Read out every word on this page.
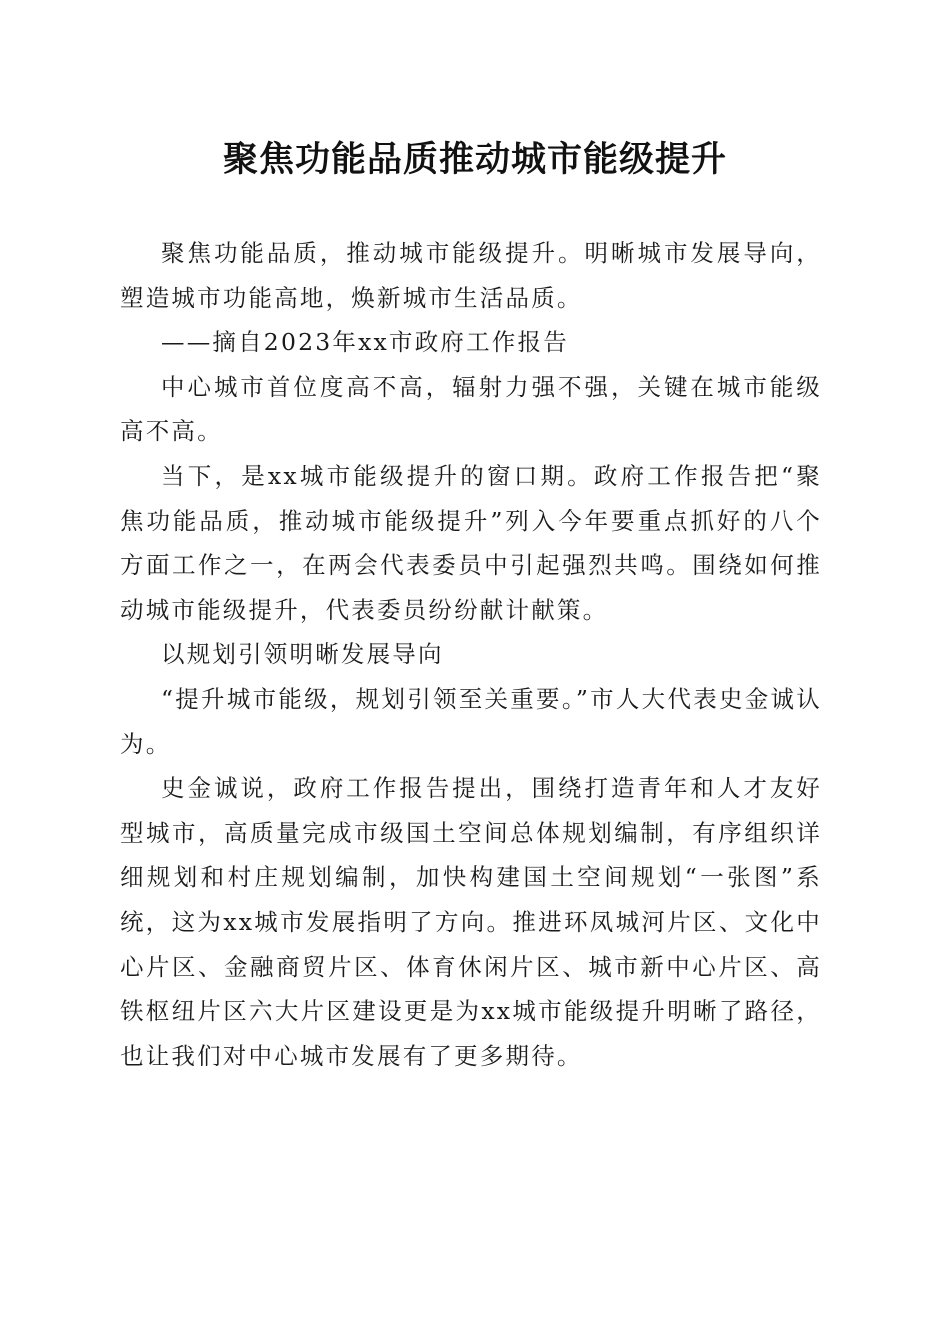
聚焦功能品质推动城市能级提升

聚焦功能品质，推动城市能级提升。明晰城市发展导向，塑造城市功能高地，焕新城市生活品质。

——摘自2023年xx市政府工作报告

中心城市首位度高不高，辐射力强不强，关键在城市能级高不高。

当下，是xx城市能级提升的窗口期。政府工作报告把“聚焦功能品质，推动城市能级提升”列入今年要重点抓好的八个方面工作之一，在两会代表委员中引起强烈共鸣。围绕如何推动城市能级提升，代表委员纷纷献计献策。

以规划引领明晰发展导向

“提升城市能级，规划引领至关重要。”市人大代表史金诚认为。

史金诚说，政府工作报告提出，围绕打造青年和人才友好型城市，高质量完成市级国土空间总体规划编制，有序组织详细规划和村庄规划编制，加快构建国土空间规划“一张图”系统，这为xx城市发展指明了方向。推进环凤城河片区、文化中心片区、金融商贸片区、体育休闲片区、城市新中心片区、高铁枢纽片区六大片区建设更是为xx城市能级提升明晰了路径，也让我们对中心城市发展有了更多期待。
